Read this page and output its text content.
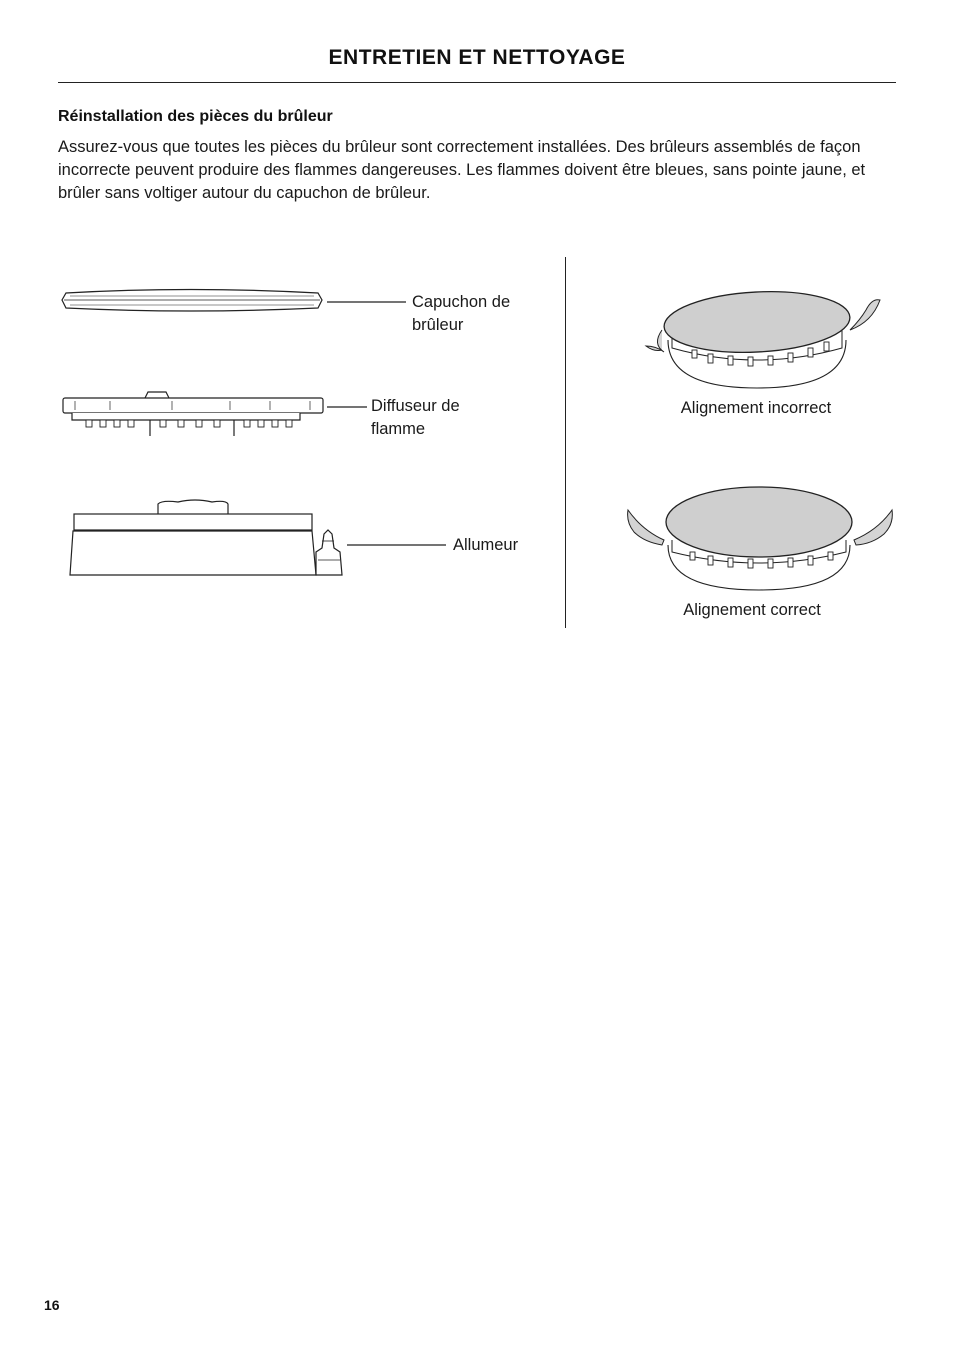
ENTRETIEN ET NETTOYAGE
Réinstallation des pièces du brûleur
Assurez-vous que toutes les pièces du brûleur sont correctement installées. Des brûleurs assemblés de façon incorrecte peuvent produire des flammes dangereuses. Les flammes doivent être bleues, sans pointe jaune, et brûler sans voltiger autour du capuchon de brûleur.
Capuchon de brûleur
Diffuseur de flamme
Allumeur
Alignement incorrect
Alignement correct
16
